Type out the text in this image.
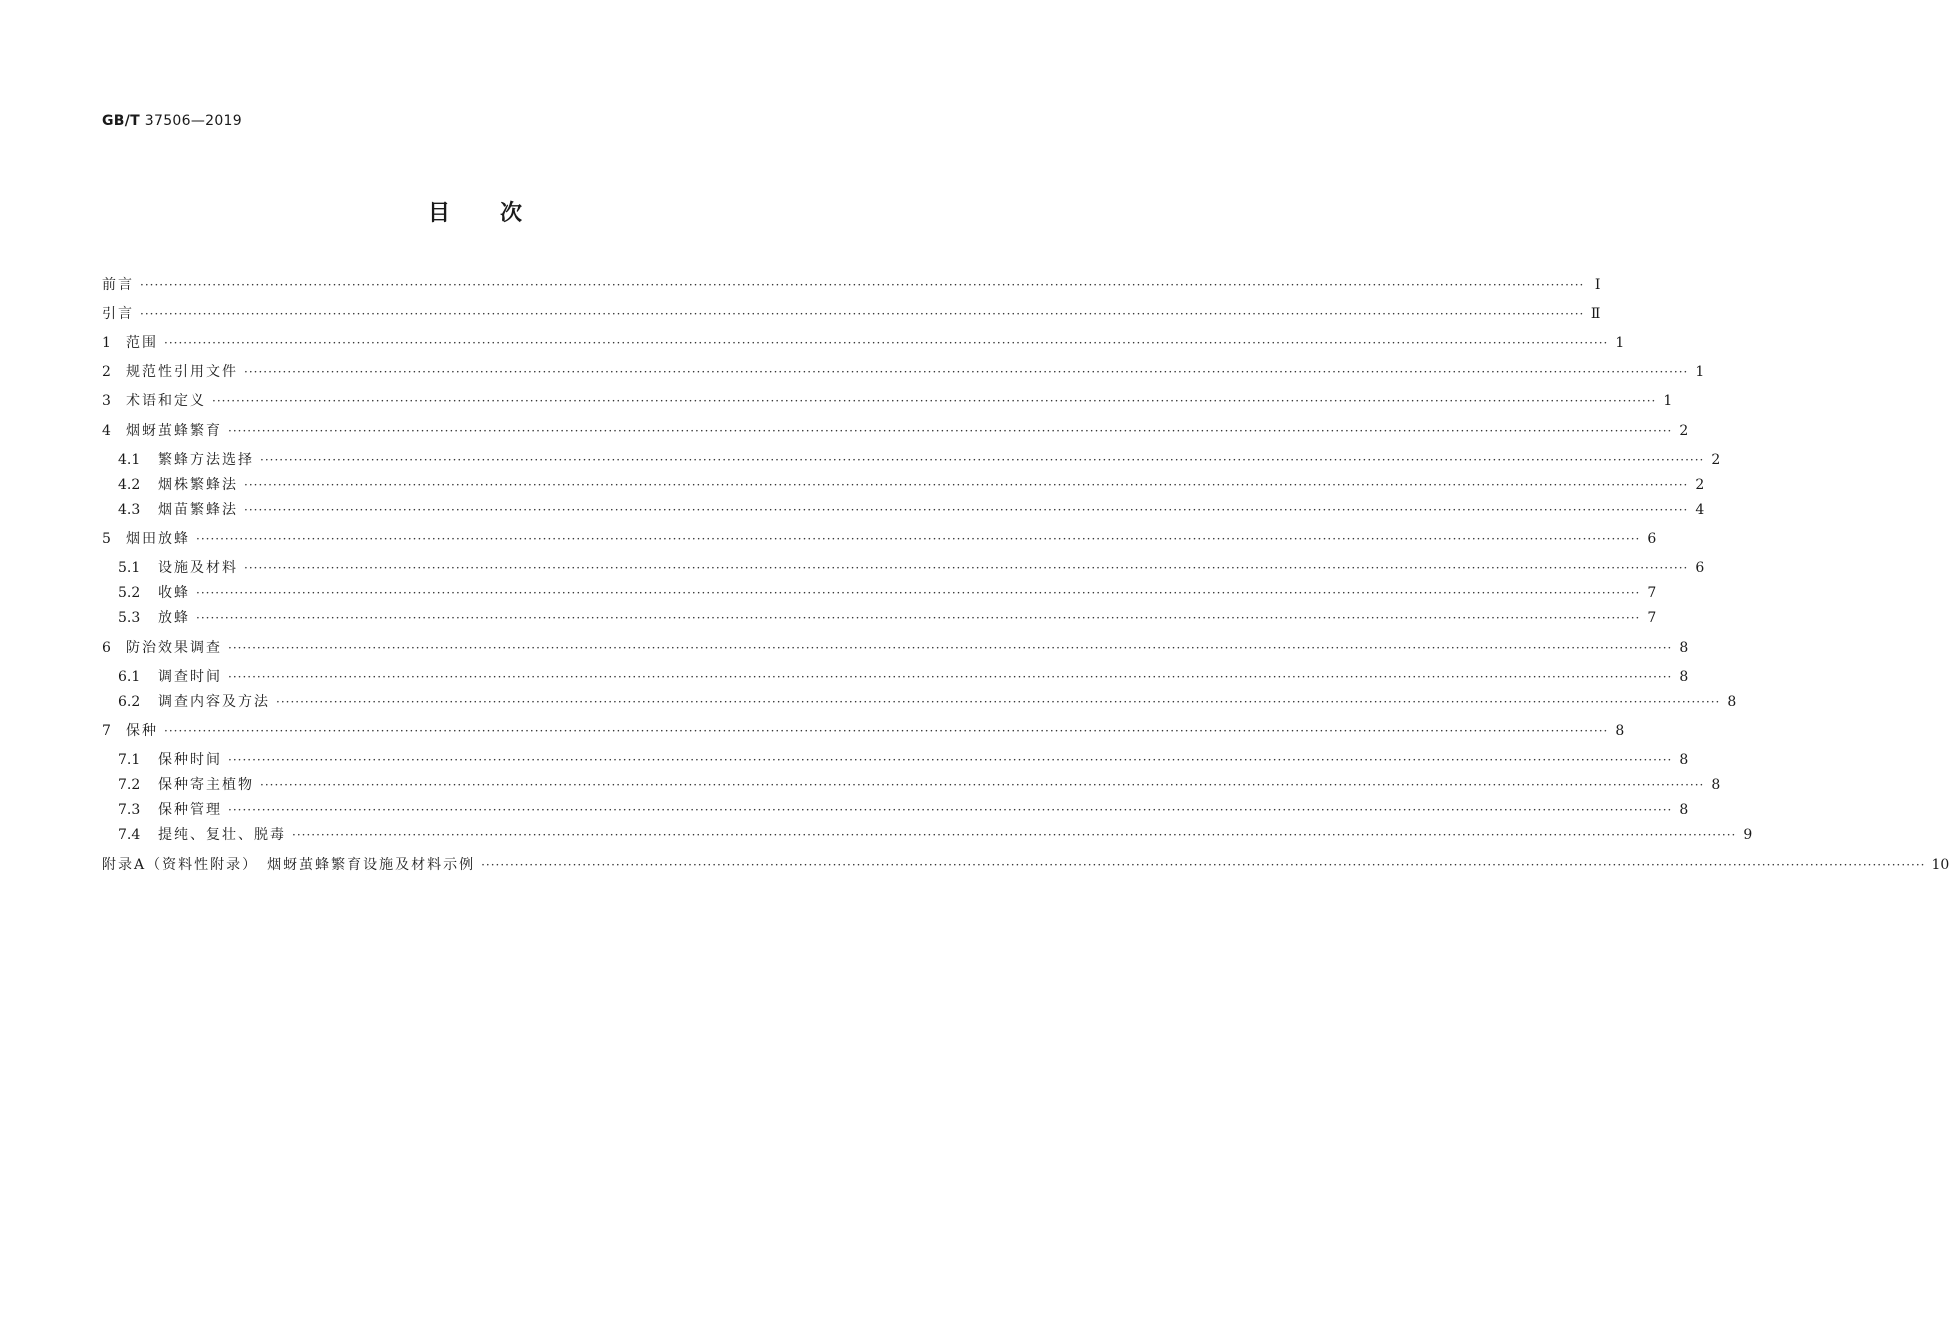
GB/T 37506—2019
目次
前言 ············································································································································································································································································································ Ⅰ
引言 ············································································································································································································································································································ Ⅱ
1	范围 ············································································································································································································································································································ 1
2	规范性引用文件 ············································································································································································································································································································ 1
3	术语和定义 ············································································································································································································································································································ 1
4	烟蚜茧蜂繁育 ············································································································································································································································································································ 2
4.1	繁蜂方法选择 ············································································································································································································································································································ 2
4.2	烟株繁蜂法 ············································································································································································································································································································ 2
4.3	烟苗繁蜂法 ············································································································································································································································································································ 4
5	烟田放蜂 ············································································································································································································································································································ 6
5.1	设施及材料 ············································································································································································································································································································ 6
5.2	收蜂 ············································································································································································································································································································ 7
5.3	放蜂 ············································································································································································································································································································ 7
6	防治效果调查 ············································································································································································································································································································ 8
6.1	调查时间 ············································································································································································································································································································ 8
6.2	调查内容及方法 ············································································································································································································································································································ 8
7	保种 ············································································································································································································································································································ 8
7.1	保种时间 ············································································································································································································································································································ 8
7.2	保种寄主植物 ············································································································································································································································································································ 8
7.3	保种管理 ············································································································································································································································································································ 8
7.4	提纯、复壮、脱毒 ············································································································································································································································································································ 9
附录A（资料性附录）　烟蚜茧蜂繁育设施及材料示例 ············································································································································································································································································································ 10
